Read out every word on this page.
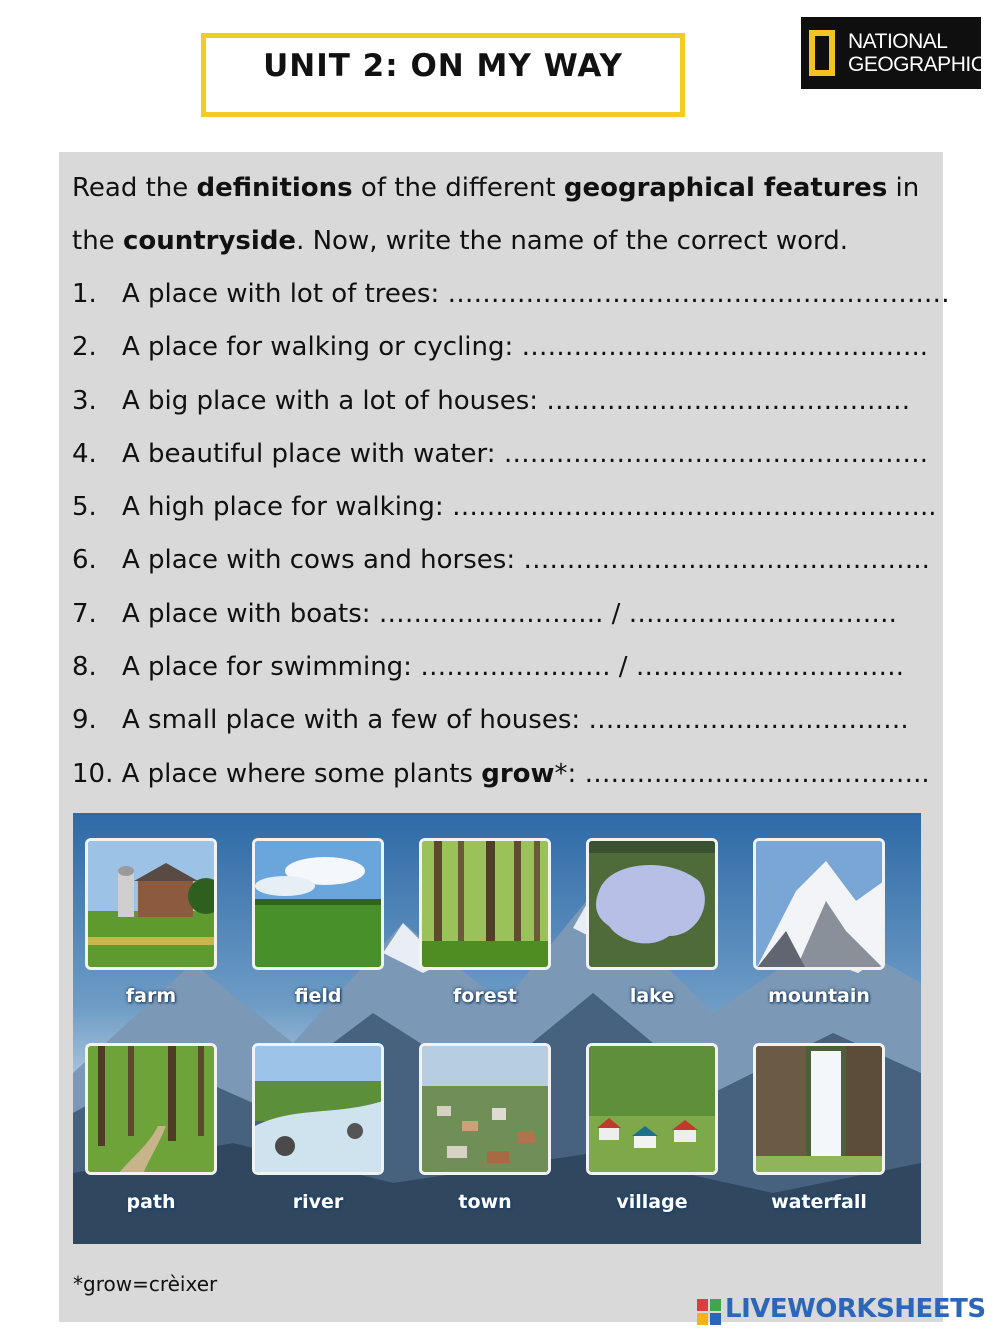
UNIT 2: ON MY WAY
NATIONAL
GEOGRAPHIC
Read the definitions of the different geographical features in the countryside. Now, write the name of the correct word.
1. A place with lot of trees: ……………………………………………….…
2. A place for walking or cycling: ………………………………………..
3. A big place with a lot of houses: ……………………………………
4. A beautiful place with water: ………………………………………….
5. A high place for walking: ………………………………………………..
6. A place with cows and horses: ………………………………………..
7. A place with boats: …………………….. / ………………………….
8. A place for swimming: …………………. / ………………………….
9. A small place with a few of houses: ……………………………….
10. A place where some plants grow*: ………………………..………..
farm	field	forest	lake	mountain
path	river	town	village	waterfall
*grow=crèixer
LIVEWORKSHEETS
